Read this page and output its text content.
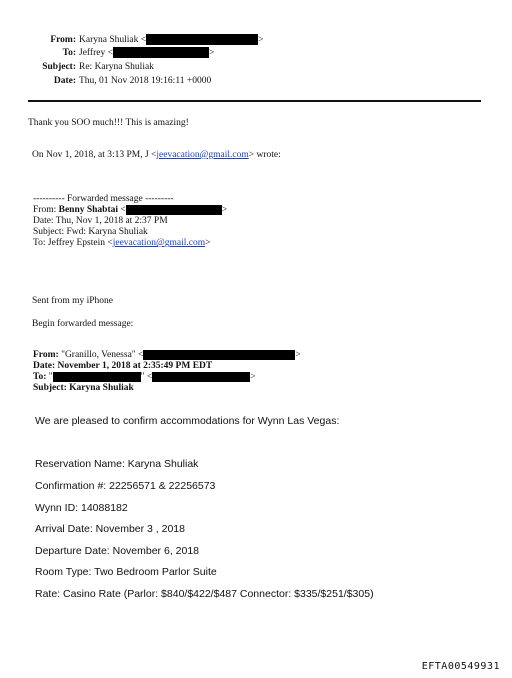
From: Karyna Shuliak <	>
To: Jeffrey <	>
Subject: Re: Karyna Shuliak
Date: Thu, 01 Nov 2018 19:16:11 +0000
Thank you SOO much!!! This is amazing!
On Nov 1, 2018, at 3:13 PM, J <jeevacation@gmail.com> wrote:
---------- Forwarded message ---------
From: Benny Shabtai <	>
Date: Thu, Nov 1, 2018 at 2:37 PM
Subject: Fwd: Karyna Shuliak
To: Jeffrey Epstein <jeevacation@gmail.com>
Sent from my iPhone
Begin forwarded message:
From: "Granillo, Venessa" <	>
Date: November 1, 2018 at 2:35:49 PM EDT
To: "	" <	>
Subject: Karyna Shuliak
We are pleased to confirm accommodations for Wynn Las Vegas:
Reservation Name: Karyna Shuliak
Confirmation #: 22256571 & 22256573
Wynn ID: 14088182
Arrival Date: November 3 , 2018
Departure Date: November 6, 2018
Room Type: Two Bedroom Parlor Suite
Rate: Casino Rate (Parlor: $840/$422/$487 Connector: $335/$251/$305)
EFTA00549931
